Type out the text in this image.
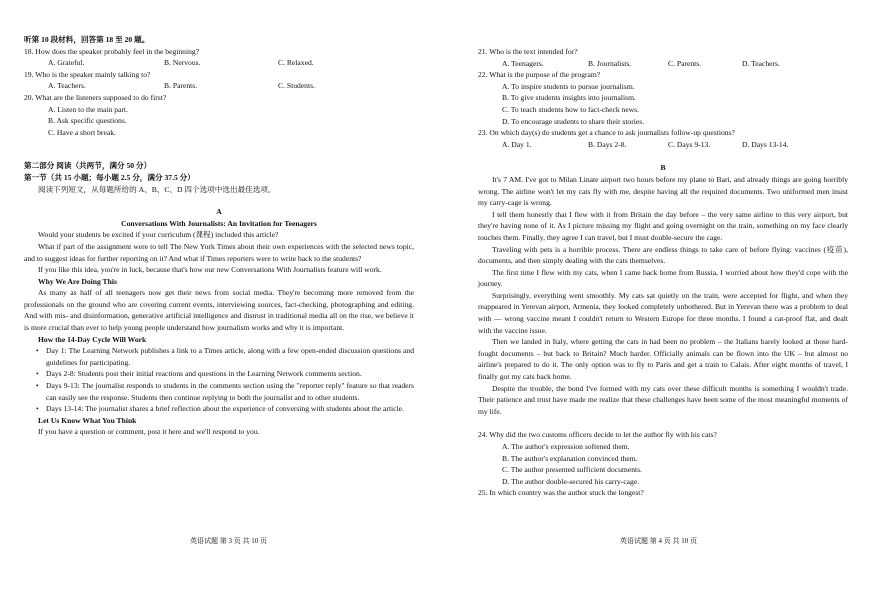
听第 10 段材料，回答第 18 至 20 题。
18. How does the speaker probably feel in the beginning?
A. Grateful.	B. Nervous.	C. Relaxed.
19. Who is the speaker mainly talking to?
A. Teachers.	B. Parents.	C. Students.
20. What are the listeners supposed to do first?
A. Listen to the main part.
B. Ask specific questions.
C. Have a short break.
第二部分 阅读（共两节，满分 50 分）
第一节（共 15 小题；每小题 2.5 分，满分 37.5 分）
阅读下列短文，从每题所给的 A、B、C、D 四个选项中选出最佳选项。
A
Conversations With Journalists: An Invitation for Teenagers
Would your students be excited if your curriculum (课程) included this article?
What if part of the assignment were to tell The New York Times about their own experiences with the selected news topic, and to suggest ideas for further reporting on it? And what if Times reporters were to write back to the students?
If you like this idea, you're in luck, because that's how our new Conversations With Journalists feature will work.
Why We Are Doing This
As many as half of all teenagers now get their news from social media. They're becoming more removed from the professionals on the ground who are covering current events, interviewing sources, fact-checking, photographing and editing. And with mis- and disinformation, generative artificial intelligence and distrust in traditional media all on the rise, we believe it is more crucial than ever to help young people understand how journalism works and why it is important.
How the 14-Day Cycle Will Work
• Day 1: The Learning Network publishes a link to a Times article, along with a few open-ended discussion questions and guidelines for participating.
• Days 2-8: Students post their initial reactions and questions in the Learning Network comments section.
• Days 9-13: The journalist responds to students in the comments section using the "reporter reply" feature so that readers can easily see the response. Students then continue replying to both the journalist and to other students.
• Days 13-14: The journalist shares a brief reflection about the experience of conversing with students about the article.
Let Us Know What You Think
If you have a question or comment, post it here and we'll respond to you.
英语试题 第 3 页 共 10 页
21. Who is the text intended for?
A. Teenagers.	B. Journalists.	C. Parents.	D. Teachers.
22. What is the purpose of the program?
A. To inspire students to pursue journalism.
B. To give students insights into journalism.
C. To teach students how to fact-check news.
D. To encourage students to share their stories.
23. On which day(s) do students get a chance to ask journalists follow-up questions?
A. Day 1.	B. Days 2-8.	C. Days 9-13.	D. Days 13-14.
B
It's 7 AM. I've got to Milan Linate airport two hours before my plane to Bari, and already things are going horribly wrong. The airline won't let my cats fly with me, despite having all the required documents. Two uniformed men insist my carry-cage is wrong.
I tell them honestly that I flew with it from Britain the day before – the very same airline to this very airport, but they're having none of it. As I picture missing my flight and going overnight on the train, something on my face clearly touches them. Finally, they agree I can travel, but I must double-secure the cage.
Traveling with pets is a horrible process. There are endless things to take care of before flying: vaccines (疫苗), documents, and then simply dealing with the cats themselves.
The first time I flew with my cats, when I came back home from Russia, I worried about how they'd cope with the journey.
Surprisingly, everything went smoothly. My cats sat quietly on the train, were accepted for flight, and when they reappeared in Yerevan airport, Armenia, they looked completely unbothered. But in Yerevan there was a problem to deal with — wrong vaccine meant I couldn't return to Western Europe for three months. I found a cat-proof flat, and dealt with the vaccine issue.
Then we landed in Italy, where getting the cats in had been no problem – the Italians barely looked at those hard-fought documents – but back to Britain? Much harder. Officially animals can be flown into the UK – but almost no airline's prepared to do it. The only option was to fly to Paris and get a train to Calais. After eight months of travel, I finally got my cats back home.
Despite the trouble, the bond I've formed with my cats over these difficult months is something I wouldn't trade. Their patience and trust have made me realize that these challenges have been some of the most meaningful moments of my life.
24. Why did the two customs officers decide to let the author fly with his cats?
A. The author's expression softened them.
B. The author's explanation convinced them.
C. The author presented sufficient documents.
D. The author double-secured his carry-cage.
25. In which country was the author stuck the longest?
英语试题 第 4 页 共 10 页
